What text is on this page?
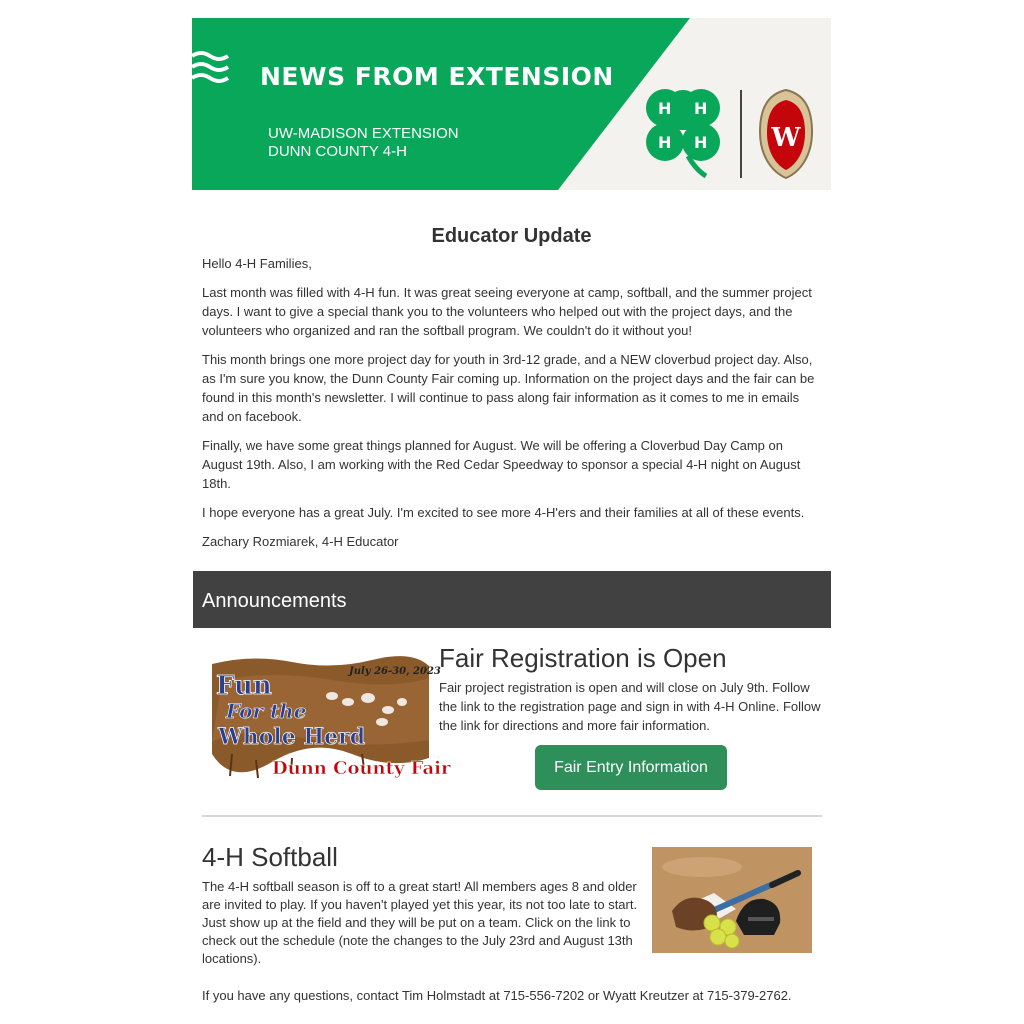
NEWS FROM EXTENSION
UW-MADISON EXTENSION
DUNN COUNTY 4-H
H H
H H W
Educator Update

Hello 4-H Families,

Last month was filled with 4-H fun. It was great seeing everyone at camp, softball, and the summer project days. I want to give a special thank you to the volunteers who helped out with the project days, and the volunteers who organized and ran the softball program. We couldn't do it without you!

This month brings one more project day for youth in 3rd-12 grade, and a NEW cloverbud project day. Also, as I'm sure you know, the Dunn County Fair coming up. Information on the project days and the fair can be found in this month's newsletter. I will continue to pass along fair information as it comes to me in emails and on facebook.

Finally, we have some great things planned for August. We will be offering a Cloverbud Day Camp on August 19th. Also, I am working with the Red Cedar Speedway to sponsor a special 4-H night on August 18th.

I hope everyone has a great July. I'm excited to see more 4-H'ers and their families at all of these events.

Zachary Rozmiarek, 4-H Educator

Announcements
July 26-30, 2023
Fun
For the
Whole Herd
Dunn County Fair
Fair Registration is Open
Fair project registration is open and will close on July 9th. Follow the link to the registration page and sign in with 4-H Online. Follow the link for directions and more fair information.
Fair Entry Information
4-H Softball
The 4-H softball season is off to a great start! All members ages 8 and older are invited to play. If you haven't played yet this year, its not too late to start. Just show up at the field and they will be put on a team. Click on the link to check out the schedule (note the changes to the July 23rd and August 13th locations).
If you have any questions, contact Tim Holmstadt at 715-556-7202 or Wyatt Kreutzer at 715-379-2762.
